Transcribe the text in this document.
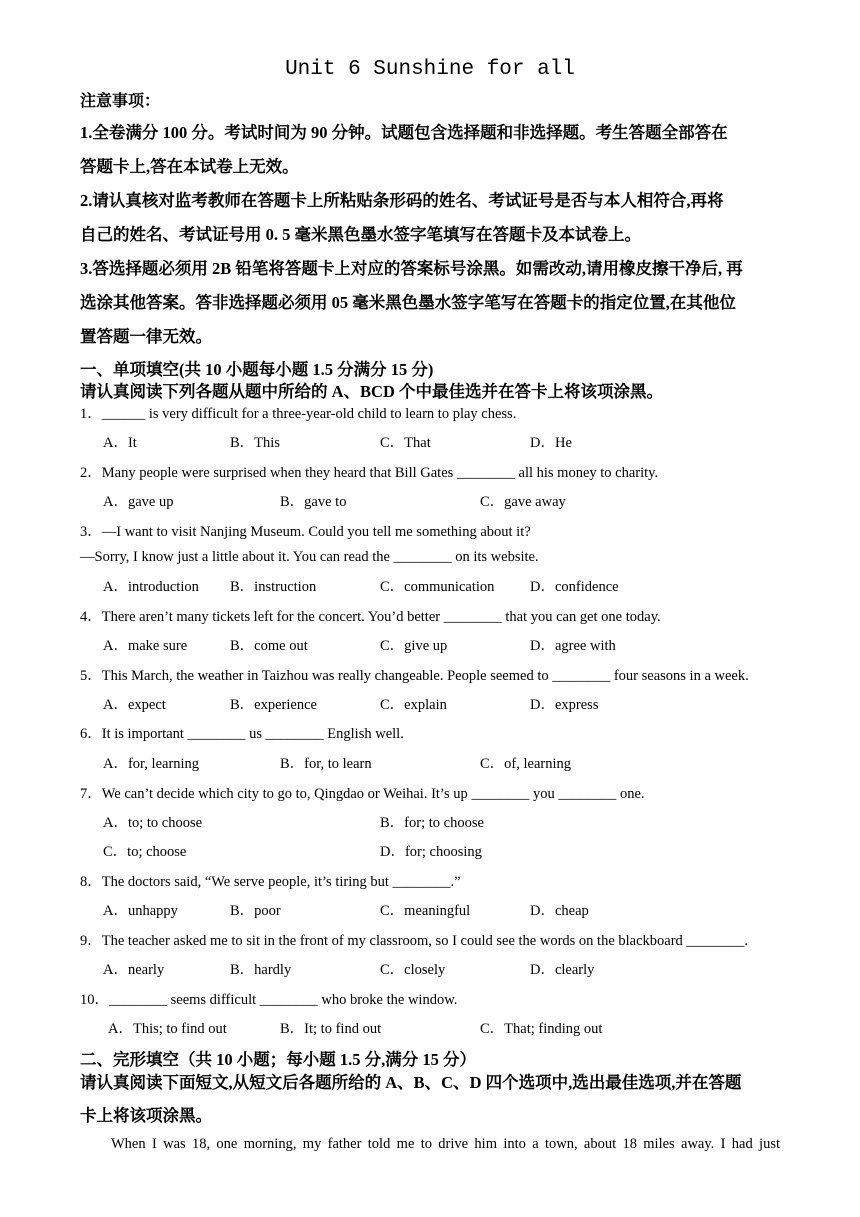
Unit 6 Sunshine for all
注意事项：
1.全卷满分 100 分。考试时间为 90 分钟。试题包含选择题和非选择题。考生答题全部答在
答题卡上,答在本试卷上无效。
2.请认真核对监考教师在答题卡上所粘贴条形码的姓名、考试证号是否与本人相符合,再将
自己的姓名、考试证号用 0. 5 毫米黑色墨水签字笔填写在答题卡及本试卷上。
3.答选择题必须用 2B 铅笔将答题卡上对应的答案标号涂黑。如需改动,请用橡皮擦干净后, 再
选涂其他答案。答非选择题必须用 05 毫米黑色墨水签字笔写在答题卡的指定位置,在其他位
置答题一律无效。
一、单项填空(共 10 小题每小题 1.5 分满分 15 分)
请认真阅读下列各题从题中所给的 A、BCD 个中最佳选并在答卡上将该项涂黑。
1．______ is very difficult for a three-year-old child to learn to play chess.
A．It	B．This	C．That	D．He
2．Many people were surprised when they heard that Bill Gates ________ all his money to charity.
A．gave up	B．gave to	C．gave away
3．—I want to visit Nanjing Museum. Could you tell me something about it?
—Sorry, I know just a little about it. You can read the ________ on its website.
A．introduction B．instruction	C．communication D．confidence
4．There aren’t many tickets left for the concert. You’d better ________ that you can get one today.
A．make sure	B．come out	C．give up	D．agree with
5．This March, the weather in Taizhou was really changeable. People seemed to ________ four seasons in a week.
A．expect	B．experience	C．explain	D．express
6．It is important ________ us ________ English well.
A．for, learning	B．for, to learn	C．of, learning
7．We can’t decide which city to go to, Qingdao or Weihai. It’s up ________ you ________ one.
A．to; to choose	B．for; to choose
C．to; choose	D．for; choosing
8．The doctors said, “We serve people, it’s tiring but ________.”
A．unhappy	B．poor	C．meaningful	D．cheap
9．The teacher asked me to sit in the front of my classroom, so I could see the words on the blackboard ________.
A．nearly	B．hardly	C．closely	D．clearly
10．________ seems difficult ________ who broke the window.
A．This; to find out	B．It; to find out	C．That; finding out
二、完形填空（共 10 小题；每小题 1.5 分,满分 15 分）
请认真阅读下面短文,从短文后各题所给的 A、B、C、D 四个选项中,选出最佳选项,并在答题
卡上将该项涂黑。
When I was 18, one morning, my father told me to drive him into a town, about 18 miles away. I had just
